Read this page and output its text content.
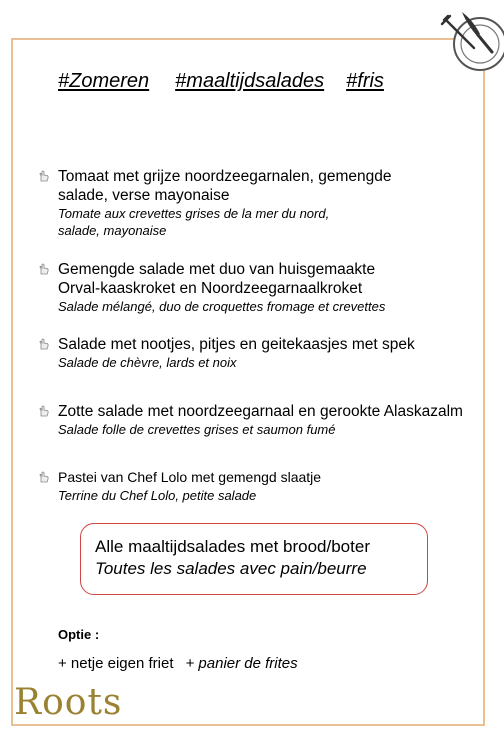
#Zomeren #maaltijdsalades #fris
Tomaat met grijze noordzeegarnalen, gemengde
salade, verse mayonaise
Tomate aux crevettes grises de la mer du nord,
salade, mayonaise
Gemengde salade met duo van huisgemaakte
Orval-kaaskroket en Noordzeegarnaalkroket
Salade mélangé, duo de croquettes fromage et crevettes
Salade met nootjes, pitjes en geitekaasjes met spek
Salade de chèvre, lards et noix
Zotte salade met noordzeegarnaal en gerookte Alaskazalm
Salade folle de crevettes grises et saumon fumé
Pastei van Chef Lolo met gemengd slaatje
Terrine du Chef Lolo, petite salade
Alle maaltijdsalades met brood/boter
Toutes les salades avec pain/beurre
Optie :
+ netje eigen friet + panier de frites
Roots
